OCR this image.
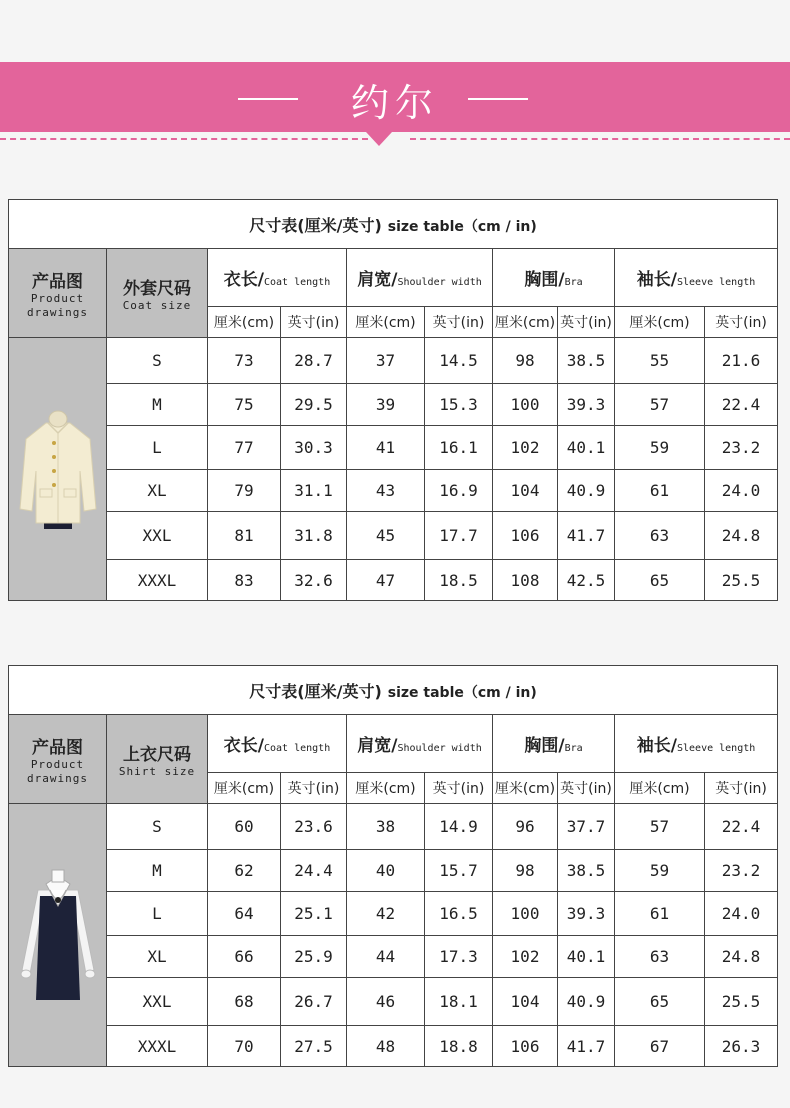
约尔
尺寸表(厘米/英寸) size table（cm / in)									

产品图
Product
drawings	外套尺码
Coat size	衣长/Coat length		肩宽/Shoulder width		胸围/Bra		袖长/Sleeve length	
		厘米(cm)	英寸(in)	厘米(cm)	英寸(in)	厘米(cm)	英寸(in)	厘米(cm)	英寸(in)

	S	73	28.7	37	14.5	98	38.5	55	21.6
	M	75	29.5	39	15.3	100	39.3	57	22.4
	L	77	30.3	41	16.1	102	40.1	59	23.2
	XL	79	31.1	43	16.9	104	40.9	61	24.0
	XXL	81	31.8	45	17.7	106	41.7	63	24.8
	XXXL	83	32.6	47	18.5	108	42.5	65	25.5
尺寸表(厘米/英寸) size table（cm / in)									

产品图
Product
drawings	上衣尺码
Shirt size	衣长/Coat length		肩宽/Shoulder width		胸围/Bra		袖长/Sleeve length	
		厘米(cm)	英寸(in)	厘米(cm)	英寸(in)	厘米(cm)	英寸(in)	厘米(cm)	英寸(in)

	S	60	23.6	38	14.9	96	37.7	57	22.4
	M	62	24.4	40	15.7	98	38.5	59	23.2
	L	64	25.1	42	16.5	100	39.3	61	24.0
	XL	66	25.9	44	17.3	102	40.1	63	24.8
	XXL	68	26.7	46	18.1	104	40.9	65	25.5
	XXXL	70	27.5	48	18.8	106	41.7	67	26.3
